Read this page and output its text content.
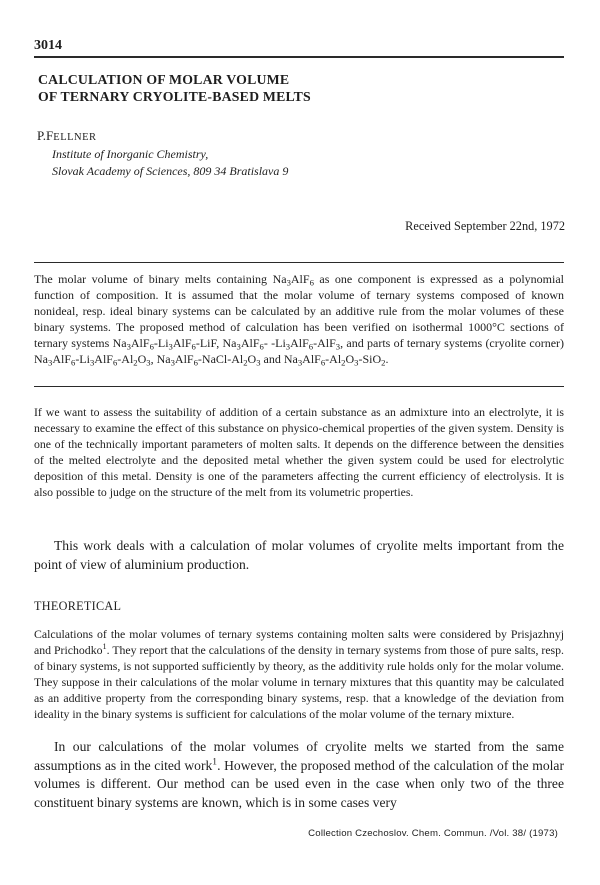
3014
CALCULATION OF MOLAR VOLUME
OF TERNARY CRYOLITE-BASED MELTS
P.FELLNER
Institute of Inorganic Chemistry,
Slovak Academy of Sciences, 809 34 Bratislava 9
Received September 22nd, 1972
The molar volume of binary melts containing $Na_3AlF_6$ as one component is expressed as a polynomial function of composition. It is assumed that the molar volume of ternary systems composed of known nonideal, resp. ideal binary systems can be calculated by an additive rule from the molar volumes of these binary systems. The proposed method of calculation has been verified on isothermal 1000°C sections of ternary systems $Na_3AlF_6-Li_3AlF_6$-LiF, $Na_3AlF_6-$ $-Li_3AlF_6-AlF_3$, and parts of ternary systems (cryolite corner) $Na_3AlF_6-Li_3AlF_6-Al_2O_3$, $Na_3AlF_6-NaCl-Al_2O_3$ and $Na_3AlF_6-Al_2O_3-SiO_2$.
If we want to assess the suitability of addition of a certain substance as an admixture into an electrolyte, it is necessary to examine the effect of this substance on physico-chemical properties of the given system. Density is one of the technically important parameters of molten salts. It depends on the difference between the densities of the melted electrolyte and the deposited metal whether the given system could be used for electrolytic deposition of this metal. Density is one of the parameters affecting the current efficiency of electrolysis. It is also possible to judge on the structure of the melt from its volumetric properties.
This work deals with a calculation of molar volumes of cryolite melts important from the point of view of aluminium production.
THEORETICAL
Calculations of the molar volumes of ternary systems containing molten salts were considered by Prisjazhnyj and Prichodko$^1$. They report that the calculations of the density in ternary systems from those of pure salts, resp. of binary systems, is not supported sufficiently by theory, as the additivity rule holds only for the molar volume. They suppose in their calculations of the molar volume in ternary mixtures that this quantity may be calculated as an additive property from the corresponding binary systems, resp. that a knowledge of the deviation from ideality in the binary systems is sufficient for calculations of the molar volume of the ternary mixture.
In our calculations of the molar volumes of cryolite melts we started from the same assumptions as in the cited work$^1$. However, the proposed method of the calculation of the molar volumes is different. Our method can be used even in the case when only two of the three constituent binary systems are known, which is in some cases very
Collection Czechoslov. Chem. Commun. /Vol. 38/ (1973)
